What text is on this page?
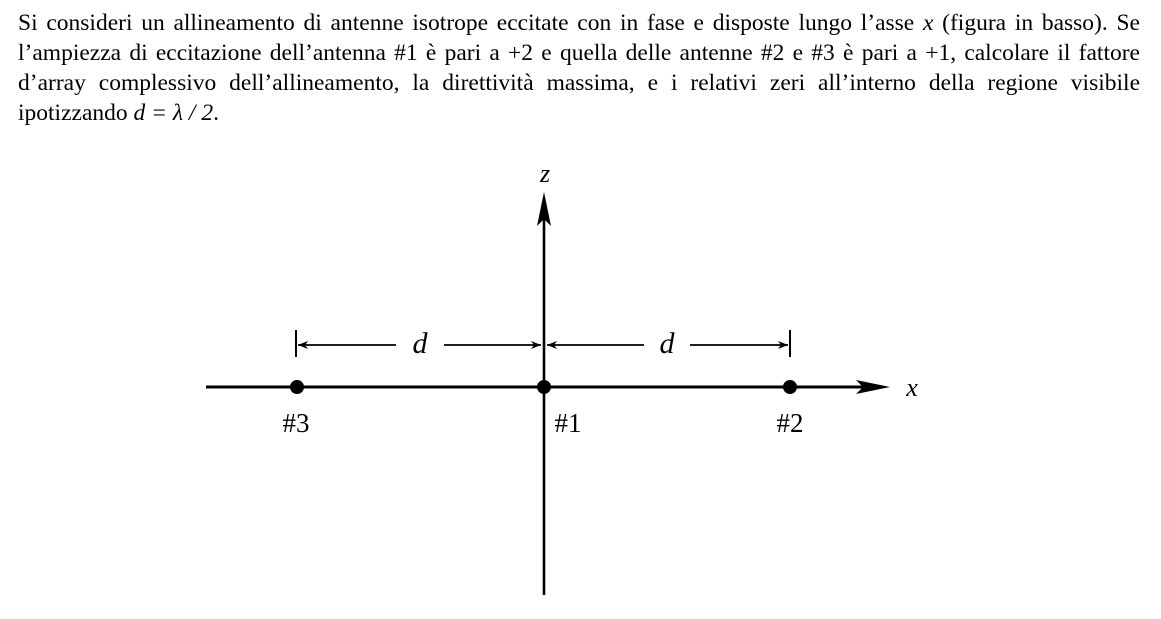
Si consideri un allineamento di antenne isotrope eccitate con in fase e disposte lungo l’asse x (figura in basso). Se l’ampiezza di eccitazione dell’antenna #1 è pari a +2 e quella delle antenne #2 e #3 è pari a +1, calcolare il fattore d’array complessivo dell’allineamento, la direttività massima, e i relativi zeri all’interno della regione visibile ipotizzando d = λ / 2.
z
x
#3	#1	#2
d	d
